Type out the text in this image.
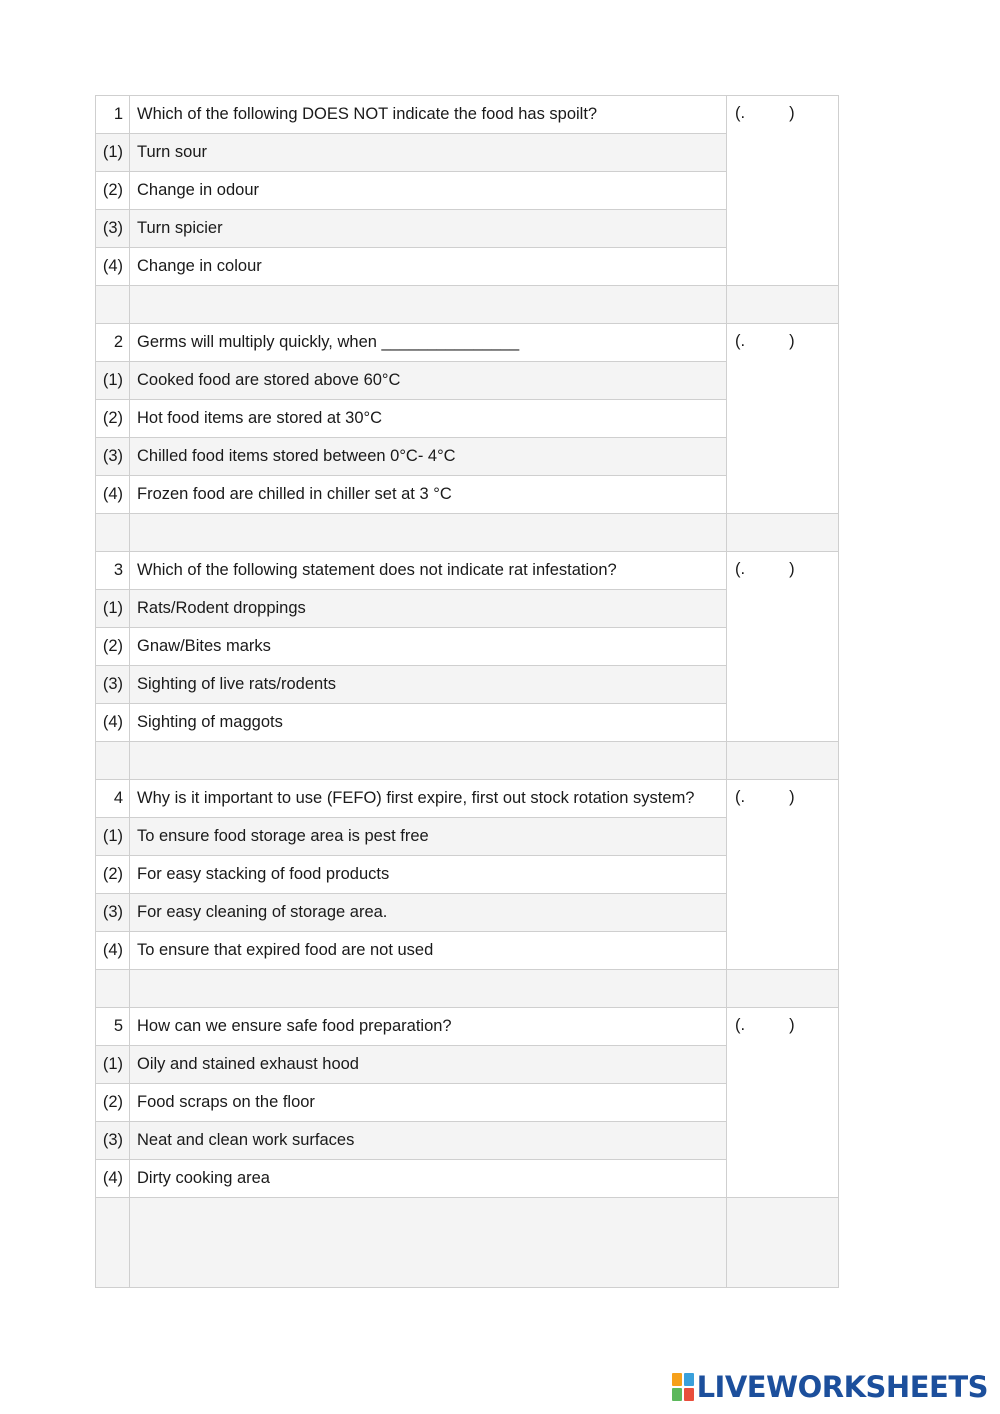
1	Which of the following DOES NOT indicate the food has spoilt?	(. )
(1)	Turn sour	
(2)	Change in odour	
(3)	Turn spicier	
(4)	Change in colour	

2	Germs will multiply quickly, when _______________	(. )
(1)	Cooked food are stored above 60°C	
(2)	Hot food items are stored at 30°C	
(3)	Chilled food items stored between 0°C- 4°C	
(4)	Frozen food are chilled in chiller set at 3 °C	

3	Which of the following statement does not indicate rat infestation?	(. )
(1)	Rats/Rodent droppings	
(2)	Gnaw/Bites marks	
(3)	Sighting of live rats/rodents	
(4)	Sighting of maggots	

4	Why is it important to use (FEFO) first expire, first out stock rotation system?	(. )
(1)	To ensure food storage area is pest free	
(2)	For easy stacking of food products	
(3)	For easy cleaning of storage area.	
(4)	To ensure that expired food are not used	

5	How can we ensure safe food preparation?	(. )
(1)	Oily and stained exhaust hood	
(2)	Food scraps on the floor	
(3)	Neat and clean work surfaces	
(4)	Dirty cooking area	

LIVEWORKSHEETS
